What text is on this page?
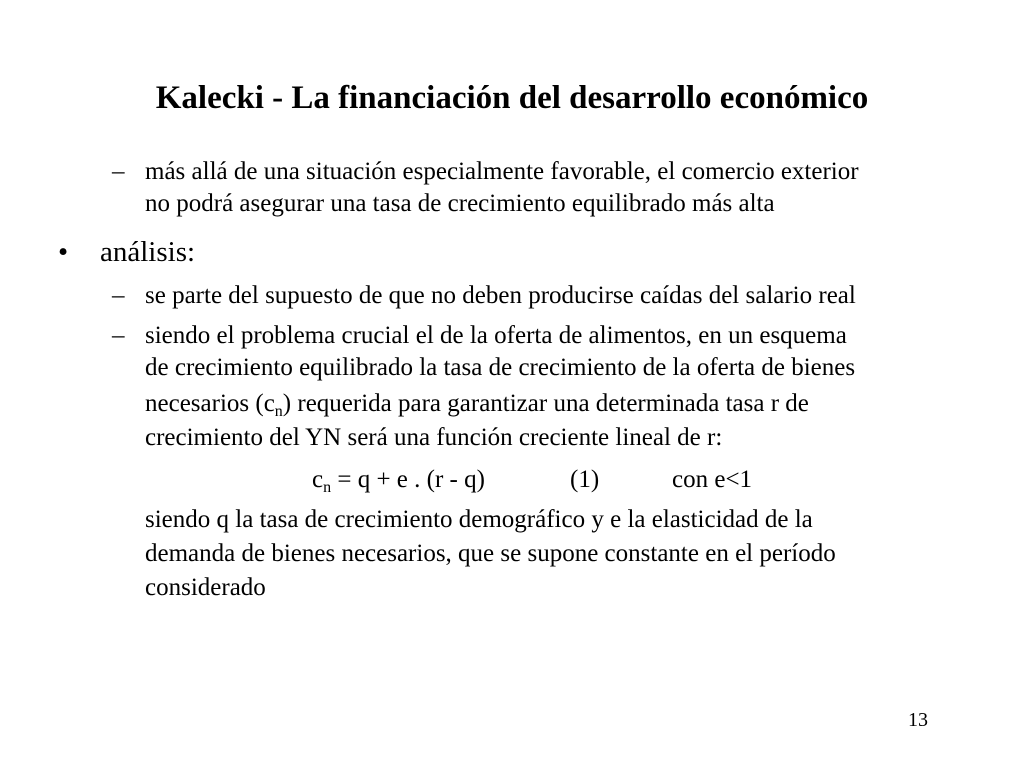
Kalecki - La financiación del desarrollo económico
– más allá de una situación especialmente favorable, el comercio exterior
no podrá asegurar una tasa de crecimiento equilibrado más alta
• análisis:
– se parte del supuesto de que no deben producirse caídas del salario real
– siendo el problema crucial el de la oferta de alimentos, en un esquema
de crecimiento equilibrado la tasa de crecimiento de la oferta de bienes
necesarios $(c_n)$ requerida para garantizar una determinada tasa r de
crecimiento del YN será una función creciente lineal de r:
$c_n = q + e$ . (r - q)	(1)	con e<1
siendo q la tasa de crecimiento demográfico y e la elasticidad de la
demanda de bienes necesarios, que se supone constante en el período
considerado
13
